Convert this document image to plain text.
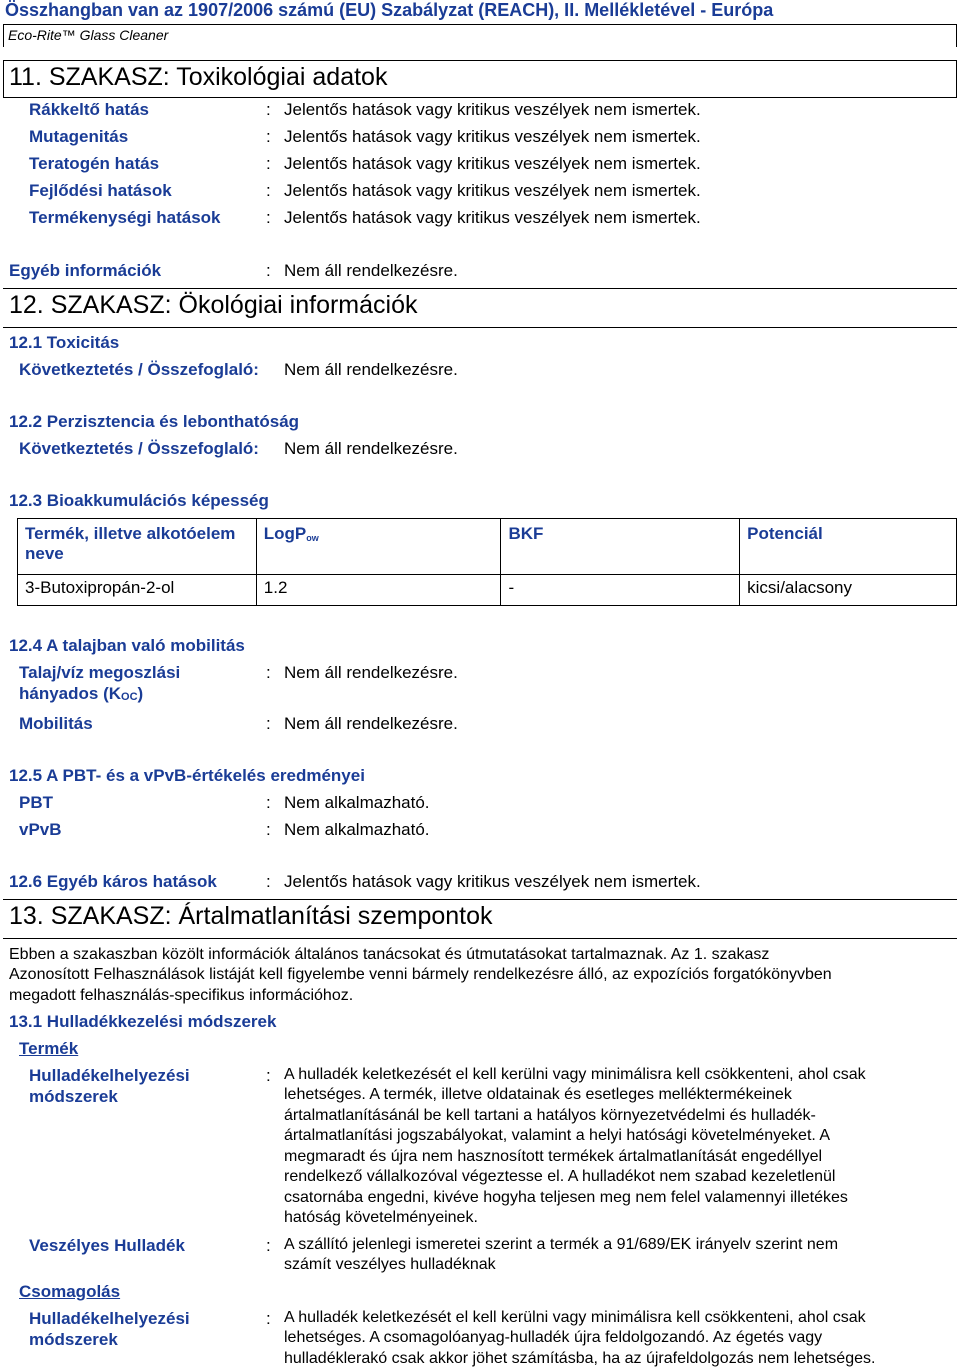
Összhangban van az 1907/2006 számú (EU) Szabályzat (REACH), II. Mellékletével - Európa
Eco-Rite™ Glass Cleaner
11. SZAKASZ: Toxikológiai adatok
Rákkeltő hatás	: Jelentős hatások vagy kritikus veszélyek nem ismertek.
Mutagenitás	: Jelentős hatások vagy kritikus veszélyek nem ismertek.
Teratogén hatás	: Jelentős hatások vagy kritikus veszélyek nem ismertek.
Fejlődési hatások	: Jelentős hatások vagy kritikus veszélyek nem ismertek.
Termékenységi hatások	: Jelentős hatások vagy kritikus veszélyek nem ismertek.
Egyéb információk	: Nem áll rendelkezésre.
12. SZAKASZ: Ökológiai információk
12.1 Toxicitás
Következtetés / Összefoglaló: Nem áll rendelkezésre.
12.2 Perzisztencia és lebonthatóság
Következtetés / Összefoglaló: Nem áll rendelkezésre.
12.3 Bioakkumulációs képesség
Termék, illetve alkotóelem
neve	LogP$_{ow}$	BKF	Potenciál
3-Butoxipropán-2-ol	1.2	-	kicsi/alacsony
12.4 A talajban való mobilitás
Talaj/víz megoszlási
hányados $(K_{OC})$
: Nem áll rendelkezésre.
Mobilitás	: Nem áll rendelkezésre.
12.5 A PBT- és a vPvB-értékelés eredményei
PBT	: Nem alkalmazható.
vPvB	: Nem alkalmazható.
12.6 Egyéb káros hatások	: Jelentős hatások vagy kritikus veszélyek nem ismertek.
13. SZAKASZ: Ártalmatlanítási szempontok
Ebben a szakaszban közölt információk általános tanácsokat és útmutatásokat tartalmaznak. Az 1. szakasz
Azonosított Felhasználások listáját kell figyelembe venni bármely rendelkezésre álló, az expozíciós forgatókönyvben
megadott felhasználás-specifikus információhoz.
13.1 Hulladékkezelési módszerek
Termék
Hulladékelhelyezési
módszerek
: A hulladék keletkezését el kell kerülni vagy minimálisra kell csökkenteni, ahol csak
lehetséges. A termék, illetve oldatainak és esetleges melléktermékeinek
ártalmatlanításánál be kell tartani a hatályos környezetvédelmi és hulladék-
ártalmatlanítási jogszabályokat, valamint a helyi hatósági követelményeket. A
megmaradt és újra nem hasznosított termékek ártalmatlanítását engedéllyel
rendelkező vállalkozóval végeztesse el. A hulladékot nem szabad kezeletlenül
csatornába engedni, kivéve hogyha teljesen meg nem felel valamennyi illetékes
hatóság követelményeinek.
Veszélyes Hulladék	: A szállító jelenlegi ismeretei szerint a termék a 91/689/EK irányelv szerint nem
számít veszélyes hulladéknak
Csomagolás
Hulladékelhelyezési
módszerek
: A hulladék keletkezését el kell kerülni vagy minimálisra kell csökkenteni, ahol csak
lehetséges. A csomagolóanyag-hulladék újra feldolgozandó. Az égetés vagy
hulladéklerakó csak akkor jöhet számításba, ha az újrafeldolgozás nem lehetséges.
